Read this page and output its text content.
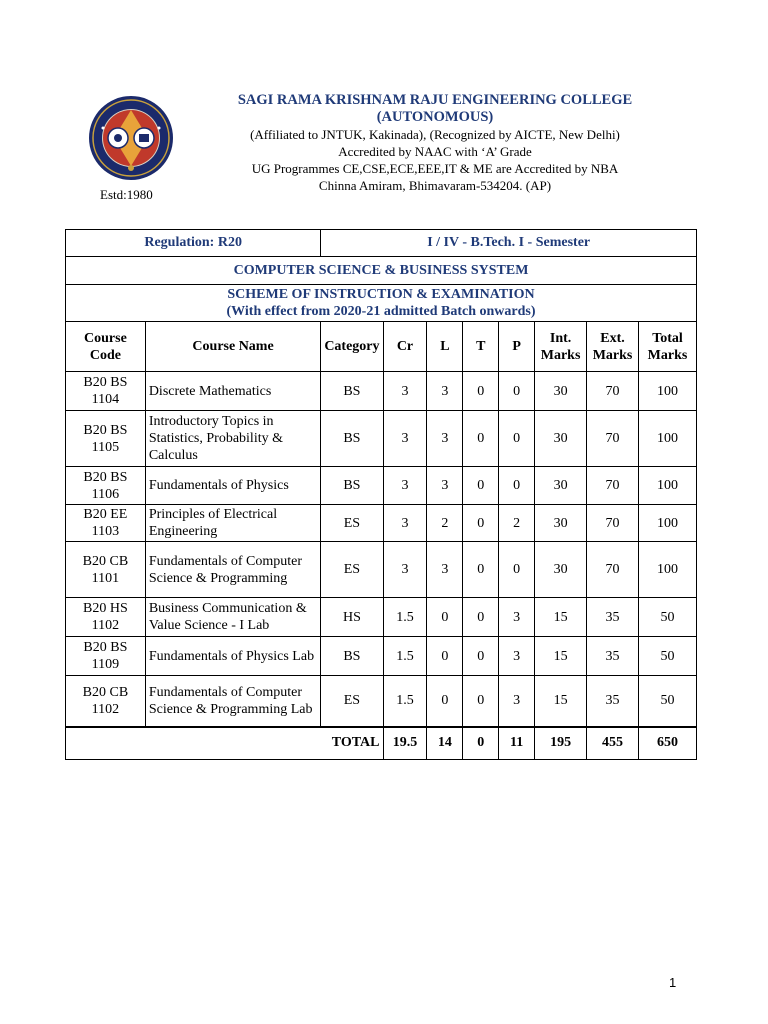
Estd:1980
SAGI RAMA KRISHNAM RAJU ENGINEERING COLLEGE
(AUTONOMOUS)
(Affiliated to JNTUK, Kakinada), (Recognized by AICTE, New Delhi)
Accredited by NAAC with ‘A’ Grade
UG Programmes CE,CSE,ECE,EEE,IT & ME are Accredited by NBA
Chinna Amiram, Bhimavaram-534204. (AP)
Regulation: R20		I / IV - B.Tech. I - Semester							
COMPUTER SCIENCE & BUSINESS SYSTEM									

SCHEME OF INSTRUCTION & EXAMINATION
(With effect from 2020-21 admitted Batch onwards)									

Course Code	Course Name	Category	Cr	L	T	P	Int. Marks	Ext. Marks	Total Marks
B20 BS 1104	Discrete Mathematics	BS	3	3	0	0	30	70	100
B20 BS 1105	Introductory Topics in Statistics, Probability & Calculus	BS	3	3	0	0	30	70	100
B20 BS 1106	Fundamentals of Physics	BS	3	3	0	0	30	70	100
B20 EE 1103	Principles of Electrical Engineering	ES	3	2	0	2	30	70	100
B20 CB 1101	Fundamentals of Computer Science & Programming	ES	3	3	0	0	30	70	100
B20 HS 1102	Business Communication & Value Science - I Lab	HS	1.5	0	0	3	15	35	50
B20 BS 1109	Fundamentals of Physics Lab	BS	1.5	0	0	3	15	35	50
B20 CB 1102	Fundamentals of Computer Science & Programming Lab	ES	1.5	0	0	3	15	35	50
TOTAL			19.5	14	0	11	195	455	650
1
